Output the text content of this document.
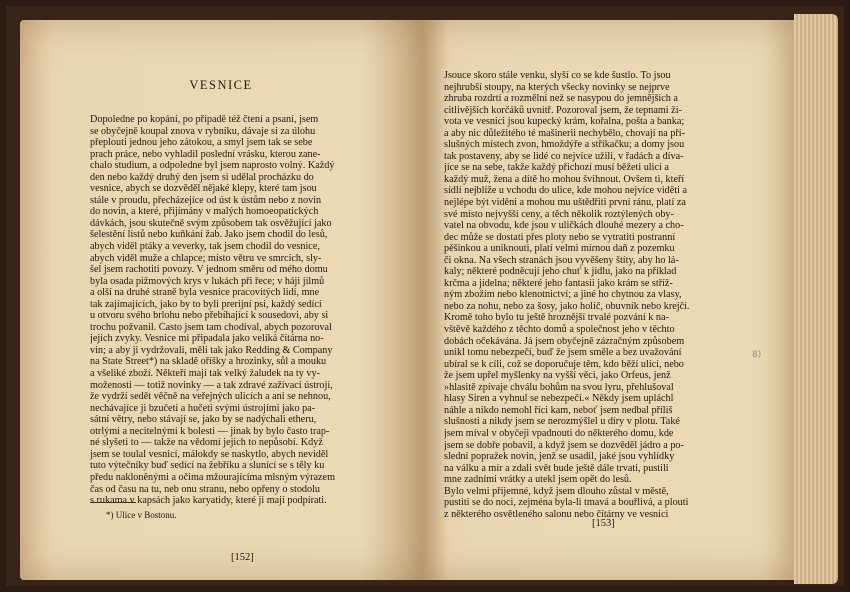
VESNICE
Dopoledne po kopání, po případě též čtení a psaní, jsem
se obyčejně koupal znova v rybníku, dávaje si za úlohu
přeplouti jednou jeho zátokou, a smyl jsem tak se sebe
prach práce, nebo vyhladil poslední vrásku, kterou zane-
chalo studium, a odpoledne byl jsem naprosto volný. Každý
den nebo každý druhý den jsem si udělal procházku do
vesnice, abych se dozvěděl nějaké klepy, které tam jsou
stále v proudu, přecházejíce od úst k ústům nebo z novin
do novin, a které, přijímány v malých homoeopatických
dávkách, jsou skutečně svým způsobem tak osvěžující jako
šelestění listů nebo kuňkání žab. Jako jsem chodil do lesů,
abych viděl ptáky a veverky, tak jsem chodil do vesnice,
abych viděl muže a chlapce; místo větru ve smrcích, sly-
šel jsem rachotiti povozy. V jednom směru od mého domu
byla osada pižmových krys v lukách při řece; v háji jilmů
a olší na druhé straně byla vesnice pracovitých lidí, mne
tak zajímajících, jako by to byli prerijní psi, každý sedící
u otvoru svého brlohu nebo přebíhající k sousedovi, aby si
trochu požvanil. Často jsem tam chodíval, abych pozoroval
jejich zvyky. Vesnice mi připadala jako veliká čítárna no-
vin; a aby ji vydržovali, měli tak jako Redding & Company
na State Street*) na skladě oříšky a hrozinky, sůl a mouku
a všeliké zboží. Někteří mají tak velký žaludek na ty vy-
moženosti — totiž novinky — a tak zdravé zažívací ústrojí,
že vydrží sedět věčně na veřejných ulicích a ani se nehnou,
nechávajíce ji bzučeti a hučeti svými ústrojími jako pa-
sátní větry, nebo stávají se, jako by se nadýchali etheru,
otrlými a necitelnými k bolesti — jinak by bylo často trap-
né slyšeti to — takže na vědomí jejich to nepůsobí. Když
jsem se toulal vesnicí, málokdy se naskytlo, abych neviděl
tuto výtečníky buď sedící na žebříku a slunící se s těly ku
předu nakloněnými a očima mžourajícíma mlsným výrazem
čas od času na tu, neb onu stranu, nebo opřeny o stodolu
s rukama v kapsách jako karyatidy, které ji mají podpírati.
*) Ulice v Bostonu.
[152]
Jsouce skoro stále venku, slyší co se kde šustlo. To jsou
nejhrubší stoupy, na kterých všecky novinky se nejprve
zhruba rozdrtí a rozmělní než se nasypou do jemnějších a
citlivějších korčáků uvnitř. Pozoroval jsem, že tepnami ži-
vota ve vesnici jsou kupecký krám, kořalna, pošta a banka;
a aby nic důležitého té mašinerii nechybělo, chovají na pří-
slušných místech zvon, hmoždýře a stříkačku; a domy jsou
tak postaveny, aby se lidé co nejvíce užili, v řadách a díva-
jíce se na sebe, takže každý přichozí musí běžeti ulicí a
každý muž, žena a dítě ho mohou švihnout. Ovšem ti, kteří
sídlí nejblíže u vchodu do ulice, kde mohou nejvíce viděti a
nejlépe být viděni a mohou mu uštědřiti první ránu, platí za
své místo nejvyšší ceny, a těch několik roztýlených oby-
vatel na obvodu, kde jsou v uličkách dlouhé mezery a cho-
dec může se dostati přes ploty nebo se vytratiti postranní
pěšinkou a uniknouti, platí velmi mírnou daň z pozemku
či okna. Na všech stranách jsou vyvěšeny štíty, aby ho lá-
kaly; některé podněcují jeho chuť k jídlu, jako na příklad
krčma a jídelna; některé jeho fantasii jako krám se stříž-
ným zbožím nebo klenotnictví; a jiné ho chytnou za vlasy,
nebo za nohu, nebo za šosy, jako holič, obuvník nebo krejčí.
Kromě toho bylo tu ještě hroznější trvalé pozvání k na-
vštěvě každého z těchto domů a společnost jeho v těchto
dobách očekávána. Já jsem obyčejně zázračným způsobem
unikl tomu nebezpečí, buď že jsem směle a bez uvažování
ubíral se k cíli, což se doporučuje těm, kdo běží ulicí, nebo
že jsem upřel myšlenky na vyšší věci, jako Orfeus, jenž
»hlasitě zpívaje chválu bohům na svou lyru, přehlušoval
hlasy Siren a vyhnul se nebezpečí.« Někdy jsem upláchl
náhle a nikdo nemohl říci kam, neboť jsem nedbal příliš
slušnosti a nikdy jsem se nerozmýšlel u díry v plotu. Také
jsem míval v obyčeji vpadnouti do některého domu, kde
jsem se dobře pobavil, a když jsem se dozvěděl jádro a po-
slední popražek novin, jenž se usadil, jaké jsou vyhlídky
na válku a mír a zdali svět bude ještě dále trvati, pustili
mne zadními vrátky a utekl jsem opět do lesů.
Bylo velmi příjemné, když jsem dlouho zůstal v městě,
pustiti se do noci, zejména byla-li tmavá a bouřlivá, a plouti
z některého osvětleného salonu nebo čítárny ve vesnici
8)
[153]
